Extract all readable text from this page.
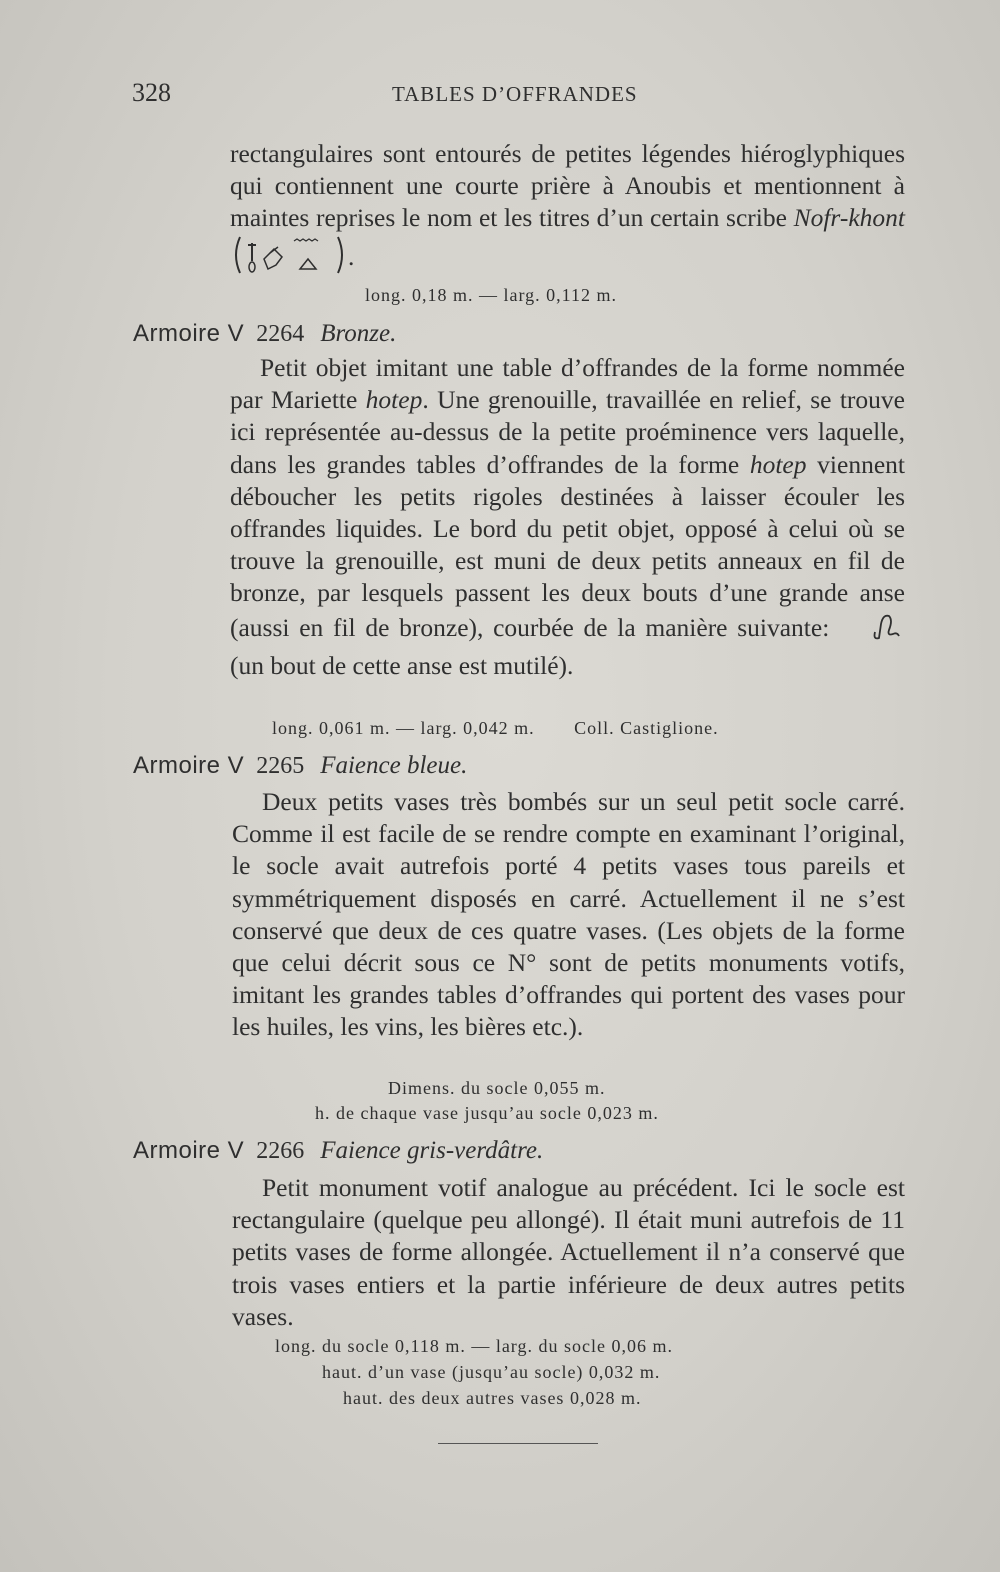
328	TABLES D’OFFRANDES

rectangulaires sont entourés de petites légendes hiéroglyphiques qui contiennent une courte prière à Anoubis et mentionnent à maintes reprises le nom et les titres d’un certain scribe Nofr-khont .

long. 0,18 m. — larg. 0,112 m.
Armoire V 2264 Bronze.

Petit objet imitant une table d’offrandes de la forme nommée par Mariette hotep. Une grenouille, travaillée en relief, se trouve ici représentée au-dessus de la petite proéminence vers laquelle, dans les grandes tables d’offrandes de la forme hotep viennent déboucher les petits rigoles destinées à laisser écouler les offrandes liquides. Le bord du petit objet, opposé à celui où se trouve la grenouille, est muni de deux petits anneaux en fil de bronze, par lesquels passent les deux bouts d’une grande anse (aussi en fil de bronze), courbée de la manière suivante:  (un bout de cette anse est mutilé).

long. 0,061 m. — larg. 0,042 m. Coll. Castiglione.
Armoire V 2265 Faience bleue.

Deux petits vases très bombés sur un seul petit socle carré. Comme il est facile de se rendre compte en examinant l’original, le socle avait autrefois porté 4 petits vases tous pareils et symmétriquement disposés en carré. Actuellement il ne s’est conservé que deux de ces quatre vases. (Les objets de la forme que celui décrit sous ce N° sont de petits monuments votifs, imitant les grandes tables d’offrandes qui portent des vases pour les huiles, les vins, les bières etc.).

Dimens. du socle 0,055 m.
h. de chaque vase jusqu’au socle 0,023 m.
Armoire V 2266 Faience gris-verdâtre.

Petit monument votif analogue au précédent. Ici le socle est rectangulaire (quelque peu allongé). Il était muni autrefois de 11 petits vases de forme allongée. Actuellement il n’a conservé que trois vases entiers et la partie inférieure de deux autres petits vases.

long. du socle 0,118 m. — larg. du socle 0,06 m.
haut. d’un vase (jusqu’au socle) 0,032 m.
haut. des deux autres vases 0,028 m.
